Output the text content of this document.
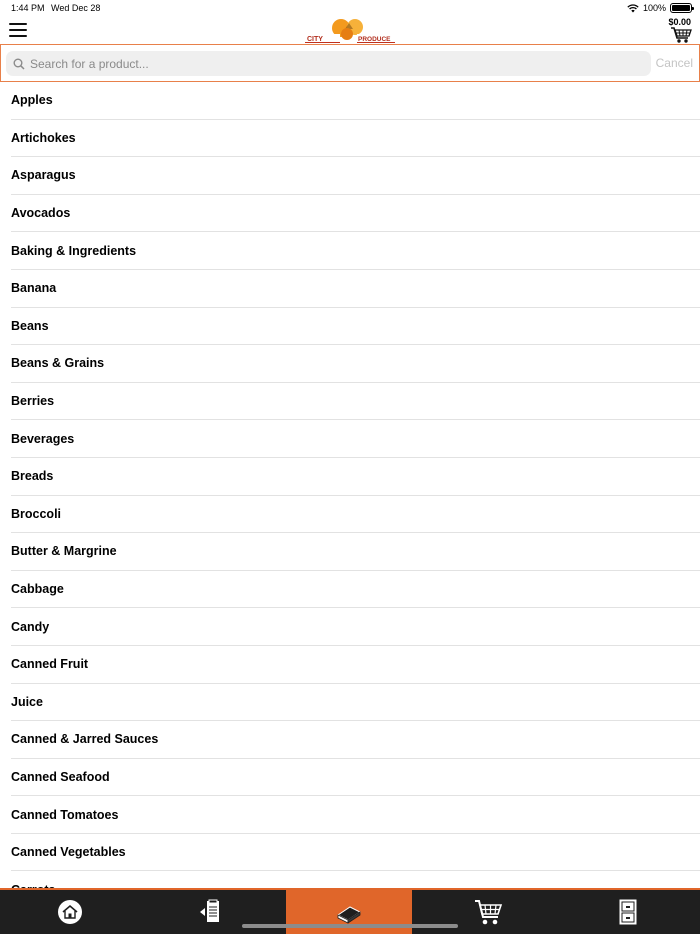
1:44 PM Wed Dec 28	100%
CITY	PRODUCE
$0.00
Search for a product...
Cancel
Apples
Artichokes
Asparagus
Avocados
Baking & Ingredients
Banana
Beans
Beans & Grains
Berries
Beverages
Breads
Broccoli
Butter & Margrine
Cabbage
Candy
Canned Fruit
Juice
Canned & Jarred Sauces
Canned Seafood
Canned Tomatoes
Canned Vegetables
